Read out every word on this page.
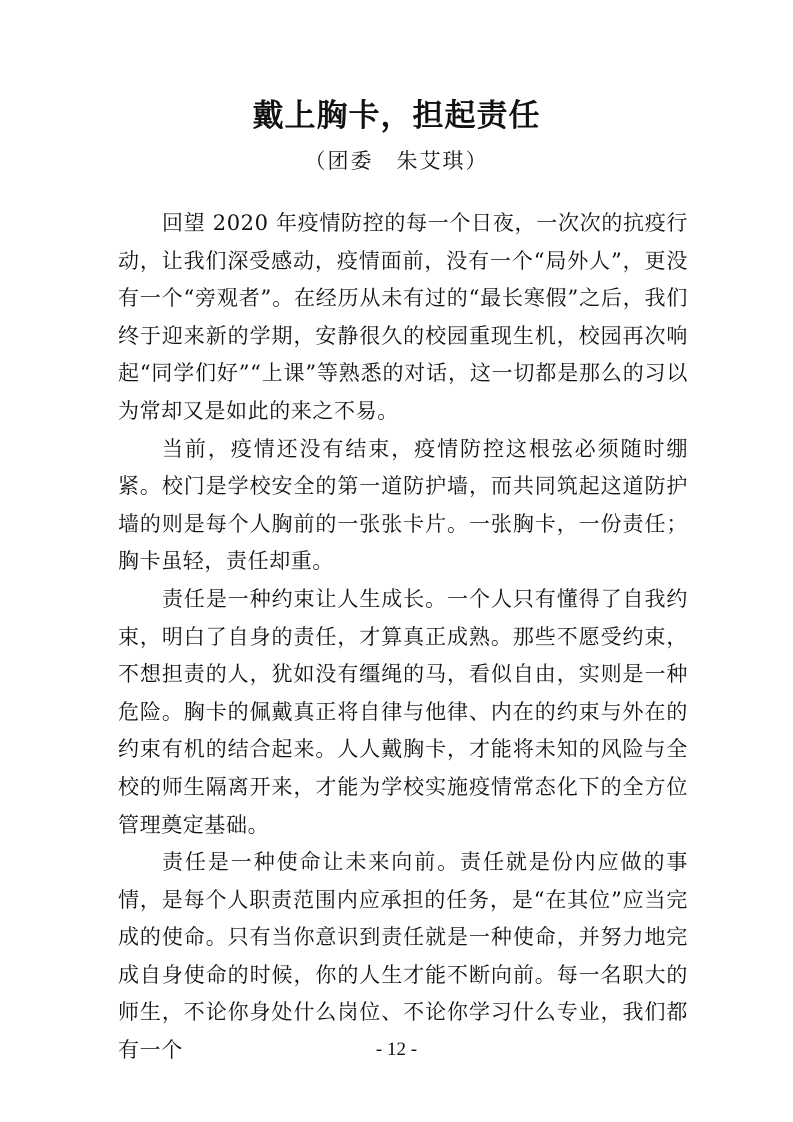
戴上胸卡，担起责任
（团委　朱艾琪）

回望 2020 年疫情防控的每一个日夜，一次次的抗疫行动，让我们深受感动，疫情面前，没有一个“局外人”，更没有一个“旁观者”。在经历从未有过的“最长寒假”之后，我们终于迎来新的学期，安静很久的校园重现生机，校园再次响起“同学们好”“上课”等熟悉的对话，这一切都是那么的习以为常却又是如此的来之不易。

当前，疫情还没有结束，疫情防控这根弦必须随时绷紧。校门是学校安全的第一道防护墙，而共同筑起这道防护墙的则是每个人胸前的一张张卡片。一张胸卡，一份责任；胸卡虽轻，责任却重。

责任是一种约束让人生成长。一个人只有懂得了自我约束，明白了自身的责任，才算真正成熟。那些不愿受约束，不想担责的人，犹如没有缰绳的马，看似自由，实则是一种危险。胸卡的佩戴真正将自律与他律、内在的约束与外在的约束有机的结合起来。人人戴胸卡，才能将未知的风险与全校的师生隔离开来，才能为学校实施疫情常态化下的全方位管理奠定基础。

责任是一种使命让未来向前。责任就是份内应做的事情，是每个人职责范围内应承担的任务，是“在其位”应当完成的使命。只有当你意识到责任就是一种使命，并努力地完成自身使命的时候，你的人生才能不断向前。每一名职大的师生，不论你身处什么岗位、不论你学习什么专业，我们都有一个	- 12 -
